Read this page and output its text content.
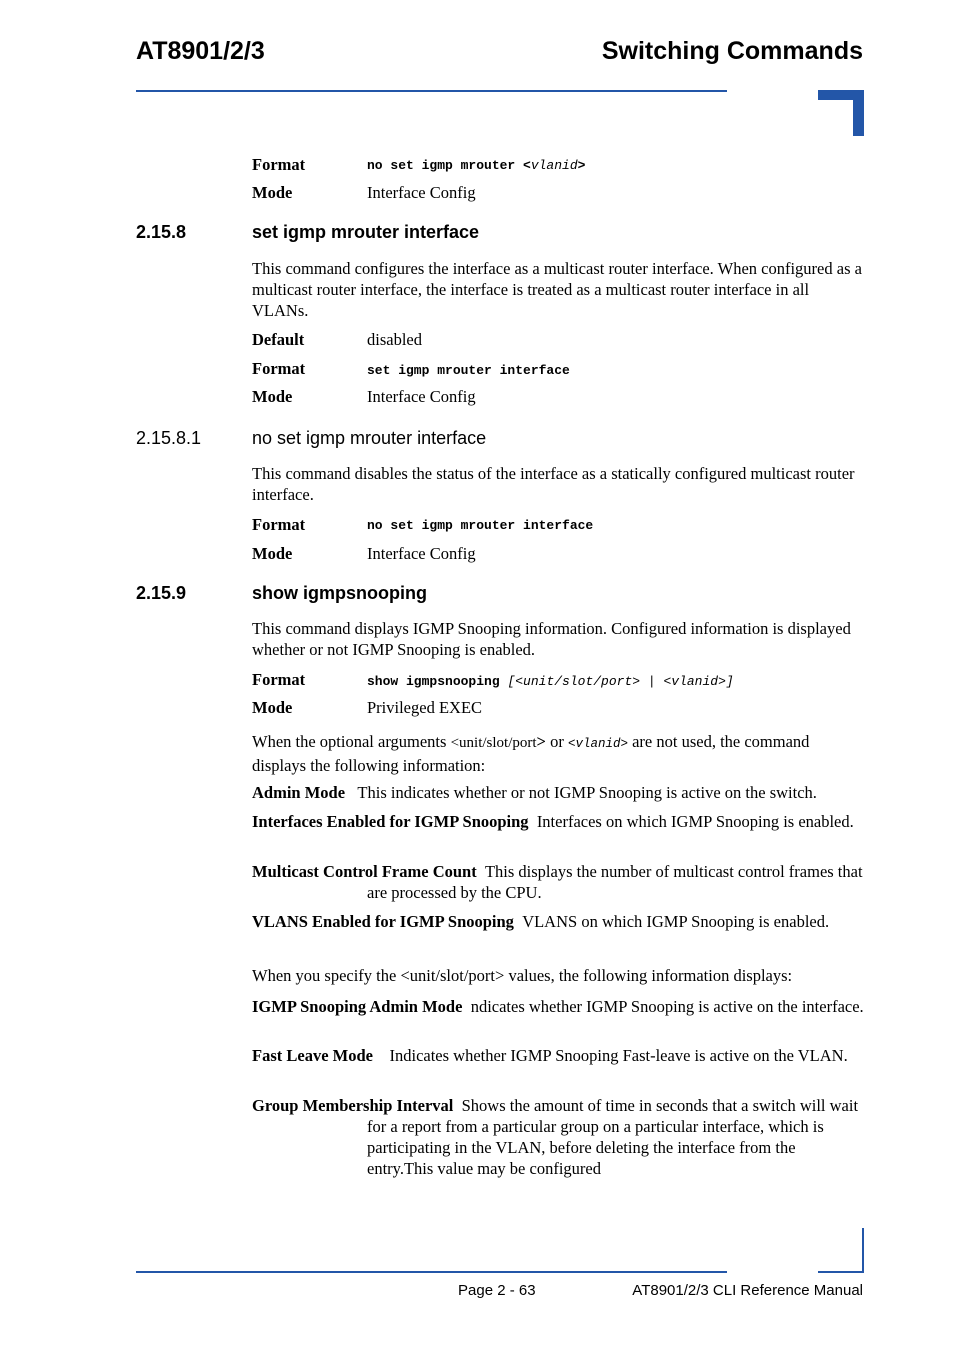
AT8901/2/3	Switching Commands
Format	no set igmp mrouter <vlanid>
Mode	Interface Config
2.15.8	set igmp mrouter interface
This command configures the interface as a multicast router interface. When configured as a multicast router interface, the interface is treated as a multicast router interface in all VLANs.
Default	disabled
Format	set igmp mrouter interface
Mode	Interface Config
2.15.8.1	no set igmp mrouter interface
This command disables the status of the interface as a statically configured multicast router interface.
Format	no set igmp mrouter interface
Mode	Interface Config
2.15.9	show igmpsnooping
This command displays IGMP Snooping information. Configured information is displayed whether or not IGMP Snooping is enabled.
Format	show igmpsnooping [<unit/slot/port> | <vlanid>]
Mode	Privileged EXEC
When the optional arguments <unit/slot/port> or <vlanid> are not used, the command displays the following information:
Admin Mode This indicates whether or not IGMP Snooping is active on the switch.
Interfaces Enabled for IGMP Snooping Interfaces on which IGMP Snooping is enabled.
Multicast Control Frame Count This displays the number of multicast control frames that are processed by the CPU.
VLANS Enabled for IGMP Snooping VLANS on which IGMP Snooping is enabled.
When you specify the <unit/slot/port> values, the following information displays:
IGMP Snooping Admin Mode ndicates whether IGMP Snooping is active on the interface.
Fast Leave Mode Indicates whether IGMP Snooping Fast-leave is active on the VLAN.
Group Membership Interval Shows the amount of time in seconds that a switch will wait for a report from a particular group on a particular interface, which is participating in the VLAN, before deleting the interface from the entry.This value may be configured
Page 2 - 63	AT8901/2/3 CLI Reference Manual
